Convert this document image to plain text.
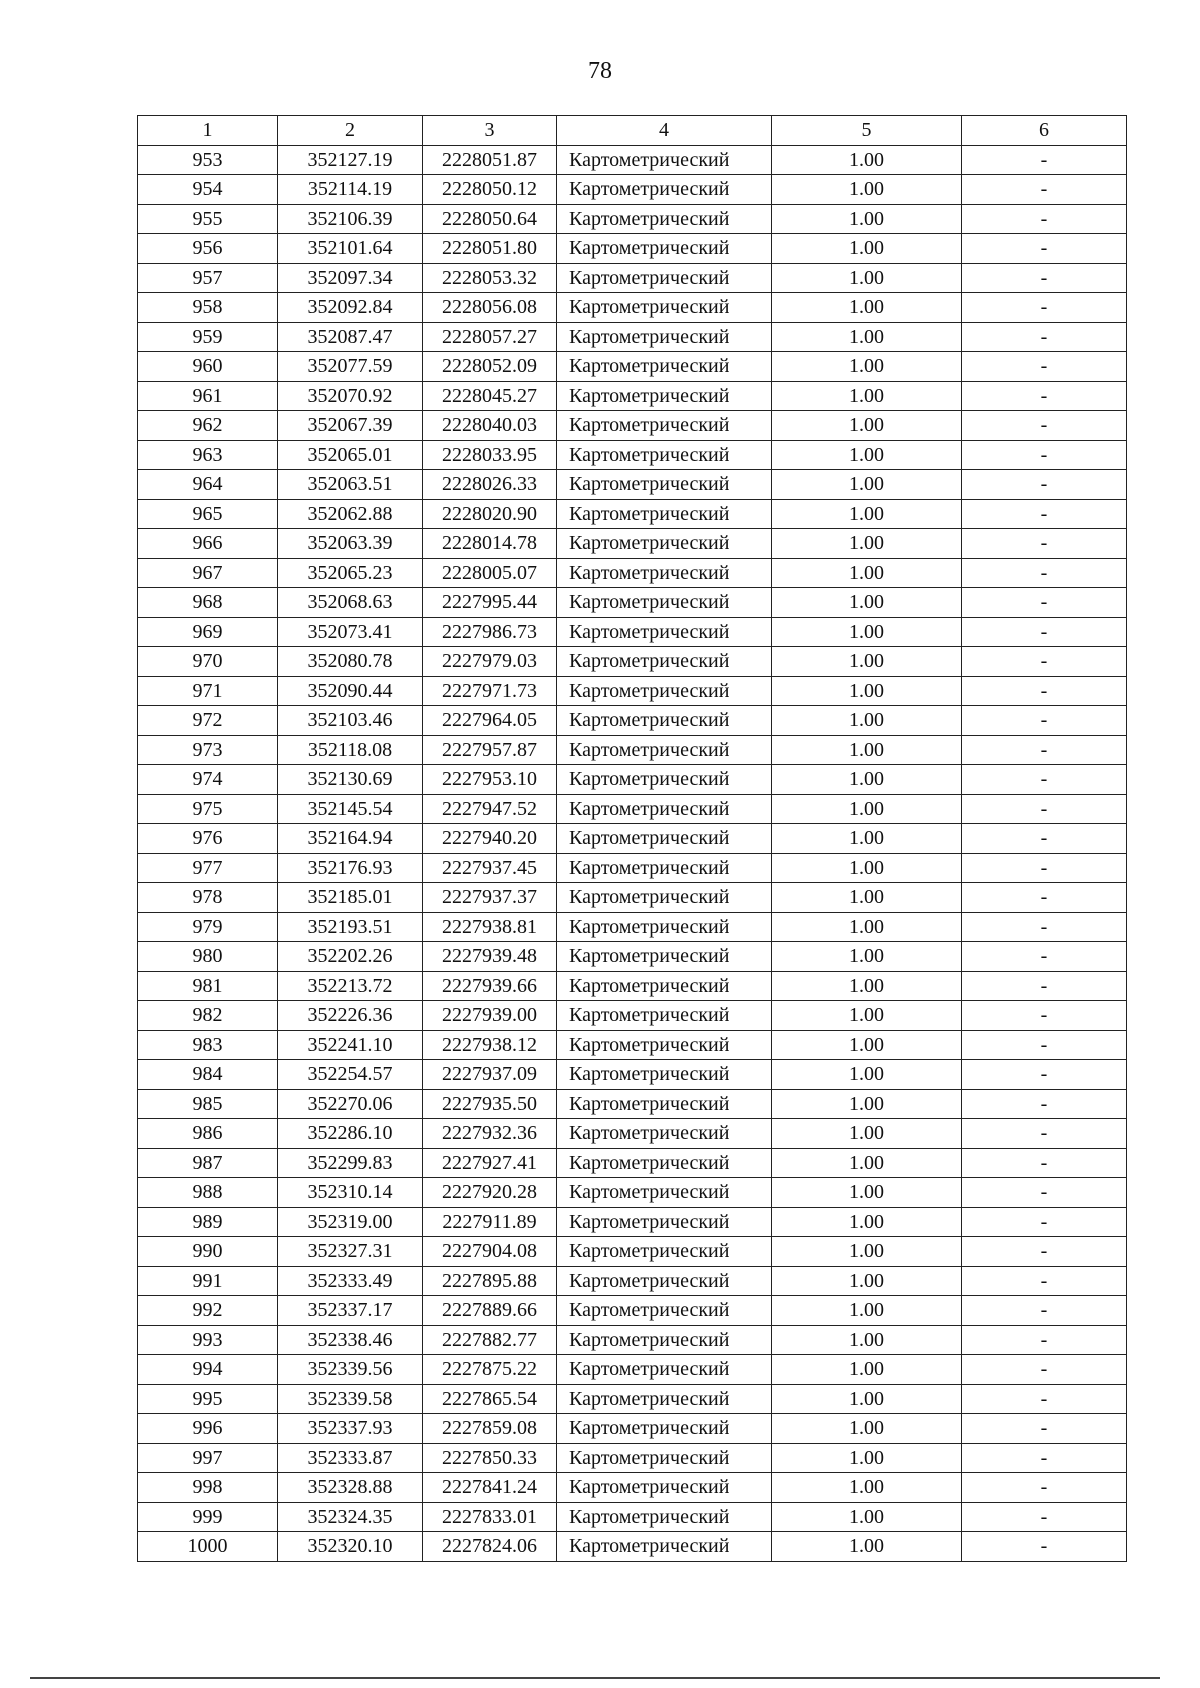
78
1	2	3	4	5	6
953	352127.19	2228051.87	Картометрический	1.00	-
954	352114.19	2228050.12	Картометрический	1.00	-
955	352106.39	2228050.64	Картометрический	1.00	-
956	352101.64	2228051.80	Картометрический	1.00	-
957	352097.34	2228053.32	Картометрический	1.00	-
958	352092.84	2228056.08	Картометрический	1.00	-
959	352087.47	2228057.27	Картометрический	1.00	-
960	352077.59	2228052.09	Картометрический	1.00	-
961	352070.92	2228045.27	Картометрический	1.00	-
962	352067.39	2228040.03	Картометрический	1.00	-
963	352065.01	2228033.95	Картометрический	1.00	-
964	352063.51	2228026.33	Картометрический	1.00	-
965	352062.88	2228020.90	Картометрический	1.00	-
966	352063.39	2228014.78	Картометрический	1.00	-
967	352065.23	2228005.07	Картометрический	1.00	-
968	352068.63	2227995.44	Картометрический	1.00	-
969	352073.41	2227986.73	Картометрический	1.00	-
970	352080.78	2227979.03	Картометрический	1.00	-
971	352090.44	2227971.73	Картометрический	1.00	-
972	352103.46	2227964.05	Картометрический	1.00	-
973	352118.08	2227957.87	Картометрический	1.00	-
974	352130.69	2227953.10	Картометрический	1.00	-
975	352145.54	2227947.52	Картометрический	1.00	-
976	352164.94	2227940.20	Картометрический	1.00	-
977	352176.93	2227937.45	Картометрический	1.00	-
978	352185.01	2227937.37	Картометрический	1.00	-
979	352193.51	2227938.81	Картометрический	1.00	-
980	352202.26	2227939.48	Картометрический	1.00	-
981	352213.72	2227939.66	Картометрический	1.00	-
982	352226.36	2227939.00	Картометрический	1.00	-
983	352241.10	2227938.12	Картометрический	1.00	-
984	352254.57	2227937.09	Картометрический	1.00	-
985	352270.06	2227935.50	Картометрический	1.00	-
986	352286.10	2227932.36	Картометрический	1.00	-
987	352299.83	2227927.41	Картометрический	1.00	-
988	352310.14	2227920.28	Картометрический	1.00	-
989	352319.00	2227911.89	Картометрический	1.00	-
990	352327.31	2227904.08	Картометрический	1.00	-
991	352333.49	2227895.88	Картометрический	1.00	-
992	352337.17	2227889.66	Картометрический	1.00	-
993	352338.46	2227882.77	Картометрический	1.00	-
994	352339.56	2227875.22	Картометрический	1.00	-
995	352339.58	2227865.54	Картометрический	1.00	-
996	352337.93	2227859.08	Картометрический	1.00	-
997	352333.87	2227850.33	Картометрический	1.00	-
998	352328.88	2227841.24	Картометрический	1.00	-
999	352324.35	2227833.01	Картометрический	1.00	-
1000	352320.10	2227824.06	Картометрический	1.00	-
